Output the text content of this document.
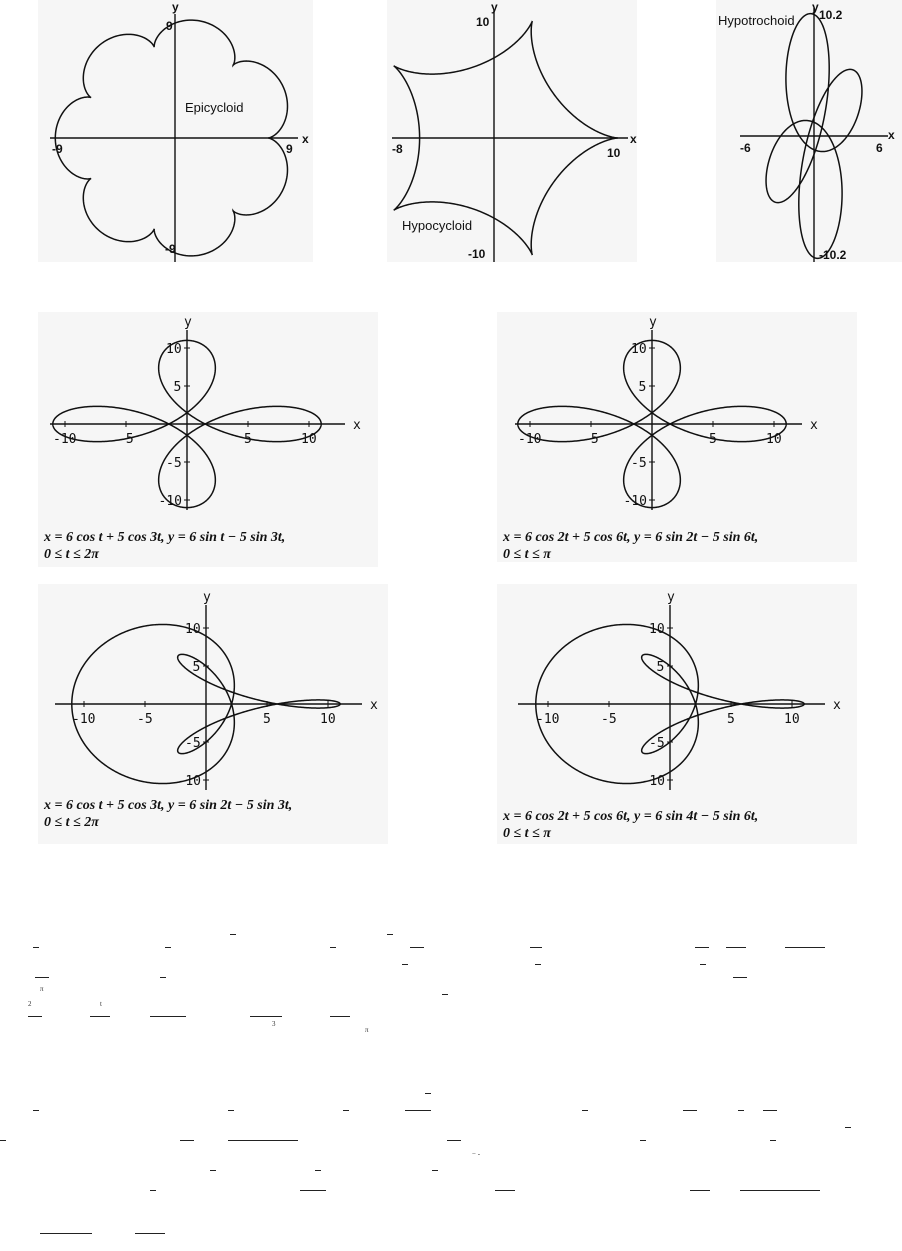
y
x
9
-9
-9	9
Epicycloid
y
x
10
-10
-8	10
Hypocycloid
y
x
10.2
-10.2
-6	6
Hypotrochoid
x
y
-10	-5	5	10
10
5
-5
-10
x
y
-10	-5	5	10
10
5
-5
-10
x
y
-10	-5	5	10
10
5
-5
-10
x
y
-10	-5	5	10
10
5
-5
-10
x = 6 cos t + 5 cos 3t, y = 6 sin t − 5 sin 3t,
0 ≤ t ≤ 2π
x = 6 cos 2t + 5 cos 6t, y = 6 sin 2t − 5 sin 6t,
0 ≤ t ≤ π
x = 6 cos t + 5 cos 3t, y = 6 sin 2t − 5 sin 3t,
0 ≤ t ≤ 2π	x = 6 cos 2t + 5 cos 6t, y = 6 sin 4t − 5 sin 6t,
0 ≤ t ≤ π
π
2	t
3
π
− -
